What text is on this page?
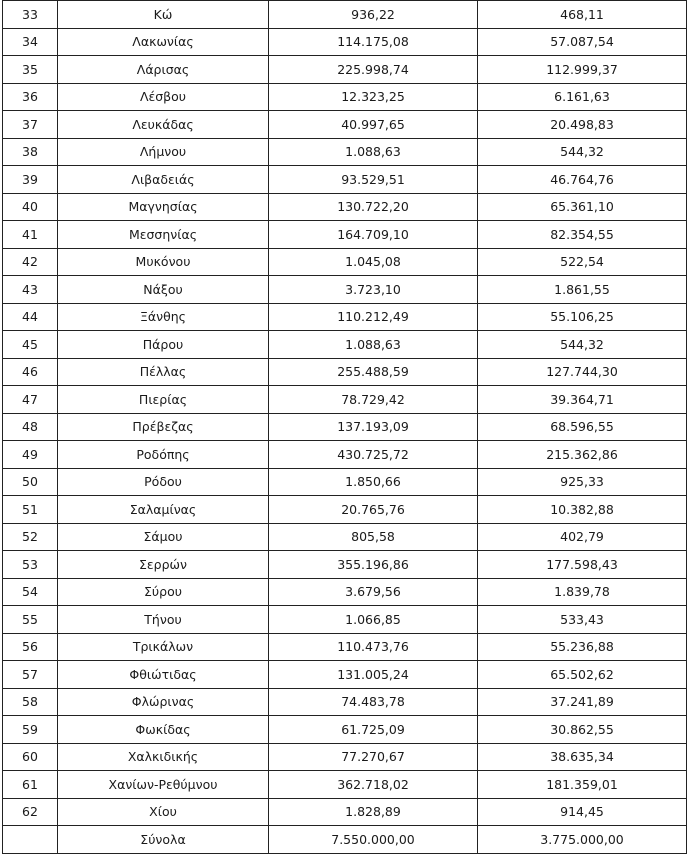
33	Κώ	936,22	468,11
34	Λακωνίας	114.175,08	57.087,54
35	Λάρισας	225.998,74	112.999,37
36	Λέσβου	12.323,25	6.161,63
37	Λευκάδας	40.997,65	20.498,83
38	Λήμνου	1.088,63	544,32
39	Λιβαδειάς	93.529,51	46.764,76
40	Μαγνησίας	130.722,20	65.361,10
41	Μεσσηνίας	164.709,10	82.354,55
42	Μυκόνου	1.045,08	522,54
43	Νάξου	3.723,10	1.861,55
44	Ξάνθης	110.212,49	55.106,25
45	Πάρου	1.088,63	544,32
46	Πέλλας	255.488,59	127.744,30
47	Πιερίας	78.729,42	39.364,71
48	Πρέβεζας	137.193,09	68.596,55
49	Ροδόπης	430.725,72	215.362,86
50	Ρόδου	1.850,66	925,33
51	Σαλαμίνας	20.765,76	10.382,88
52	Σάμου	805,58	402,79
53	Σερρών	355.196,86	177.598,43
54	Σύρου	3.679,56	1.839,78
55	Τήνου	1.066,85	533,43
56	Τρικάλων	110.473,76	55.236,88
57	Φθιώτιδας	131.005,24	65.502,62
58	Φλώρινας	74.483,78	37.241,89
59	Φωκίδας	61.725,09	30.862,55
60	Χαλκιδικής	77.270,67	38.635,34
61	Χανίων-Ρεθύμνου	362.718,02	181.359,01
62	Χίου	1.828,89	914,45
	Σύνολα	7.550.000,00	3.775.000,00
